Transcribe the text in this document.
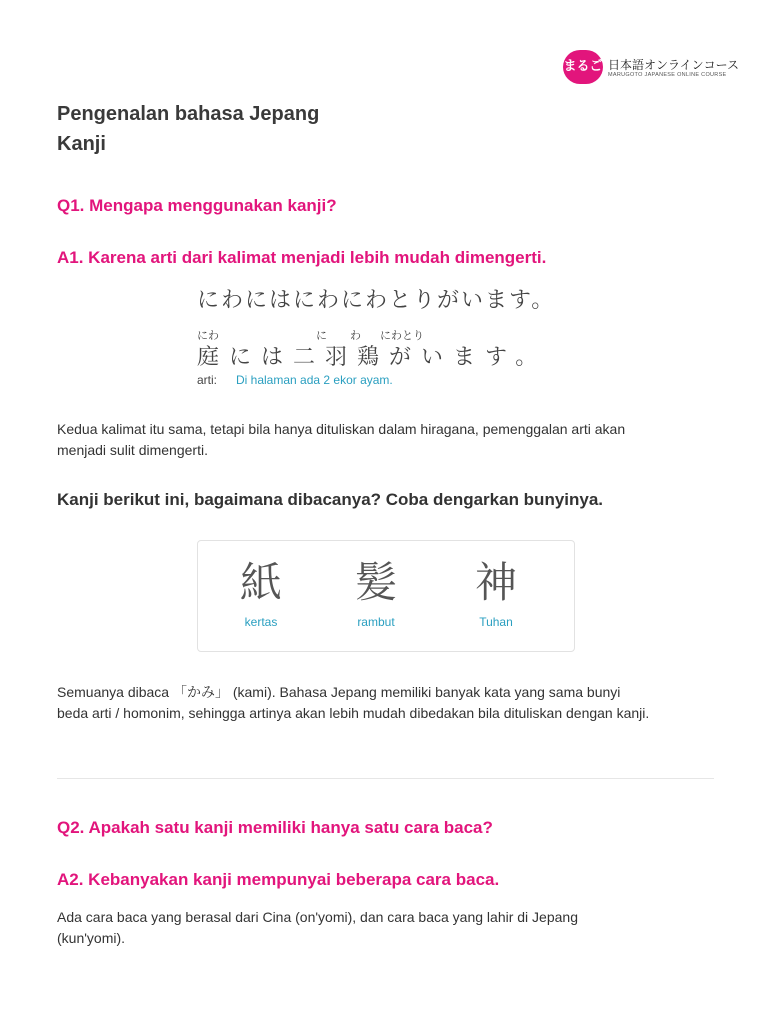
まるごと
日本語オンラインコース
MARUGOTO JAPANESE ONLINE COURSE
Pengenalan bahasa Jepang
Kanji
Q1. Mengapa menggunakan kanji?
A1. Karena arti dari kalimat menjadi lebih mudah dimengerti.
にわにはにわにわとりがいます。
にわ	に わ にわとり
庭には二羽鶏がいます。
arti: Di halaman ada 2 ekor ayam.
Kedua kalimat itu sama, tetapi bila hanya dituliskan dalam hiragana, pemenggalan arti akan
menjadi sulit dimengerti.
Kanji berikut ini, bagaimana dibacanya? Coba dengarkan bunyinya.
紙
kertas
髪
rambut
神
Tuhan
Semuanya dibaca 「かみ」 (kami). Bahasa Jepang memiliki banyak kata yang sama bunyi
beda arti / homonim, sehingga artinya akan lebih mudah dibedakan bila dituliskan dengan kanji.
Q2. Apakah satu kanji memiliki hanya satu cara baca?
A2. Kebanyakan kanji mempunyai beberapa cara baca.
Ada cara baca yang berasal dari Cina (on'yomi), dan cara baca yang lahir di Jepang
(kun'yomi).
